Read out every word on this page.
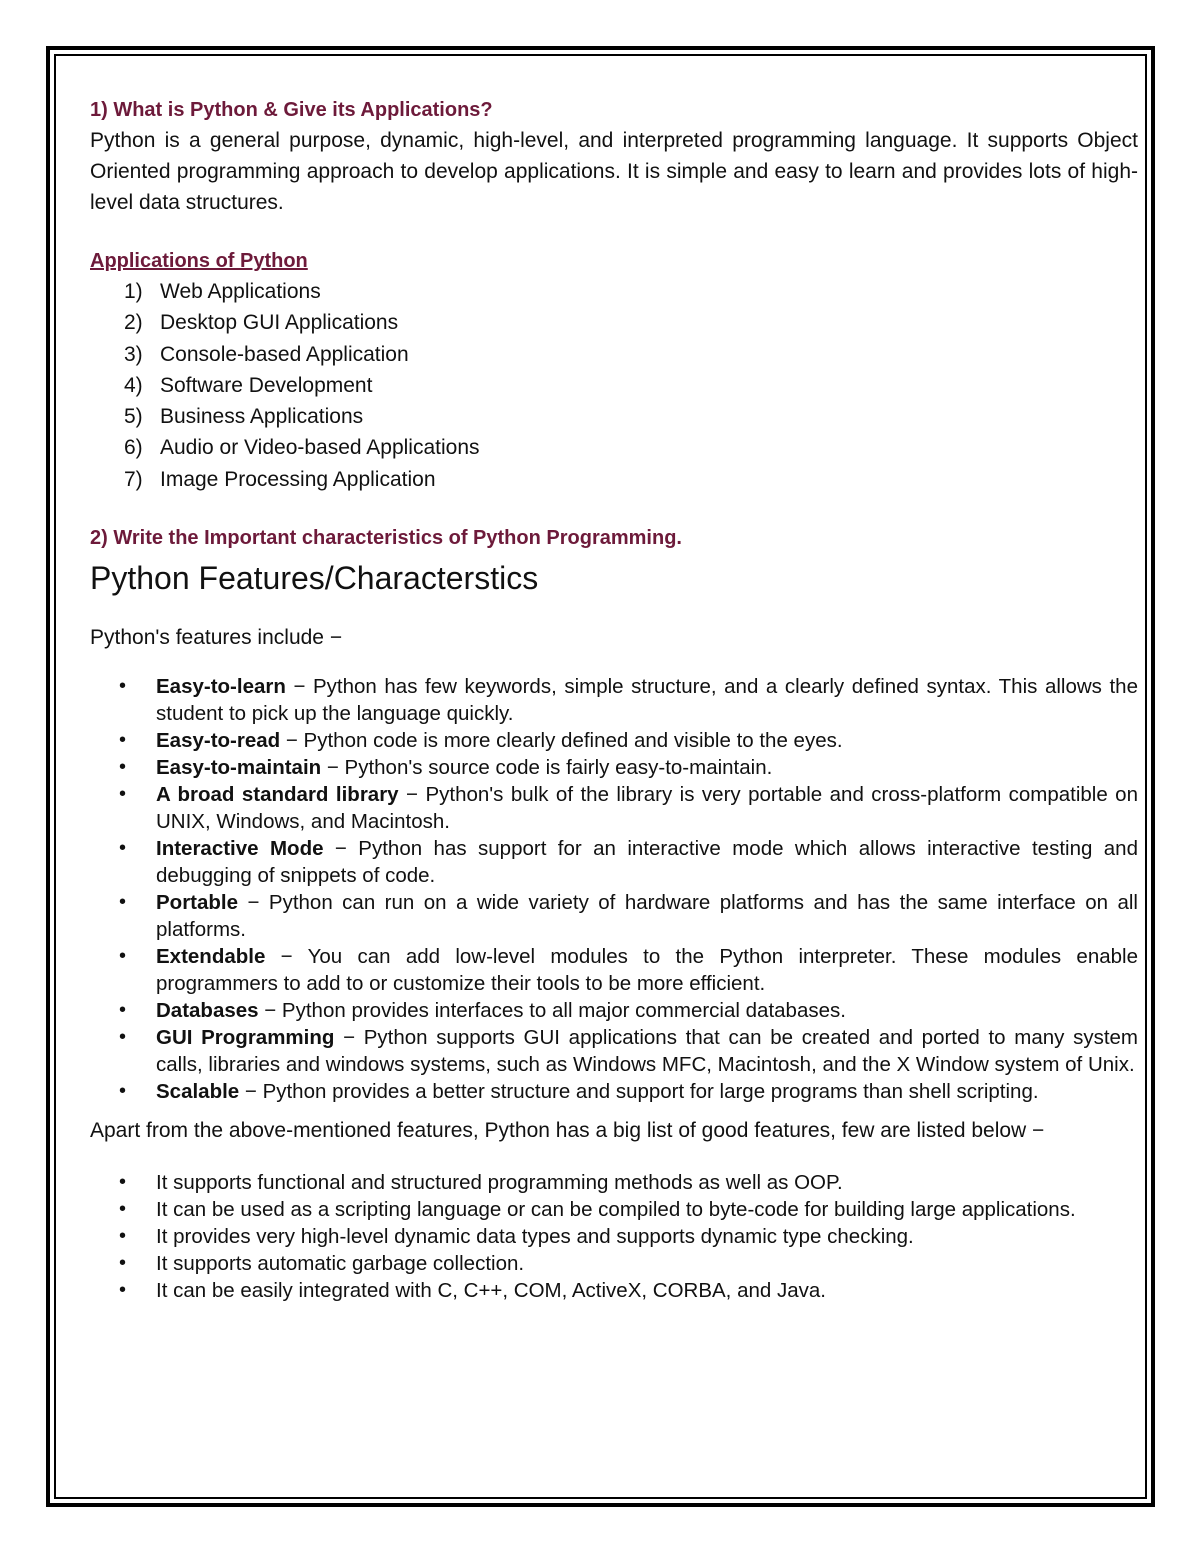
1) What is Python & Give its Applications?

Python is a general purpose, dynamic, high-level, and interpreted programming language. It supports Object Oriented programming approach to develop applications. It is simple and easy to learn and provides lots of high-level data structures.

Applications of Python

1) Web Applications
2) Desktop GUI Applications
3) Console-based Application
4) Software Development
5) Business Applications
6) Audio or Video-based Applications
7) Image Processing Application

2) Write the Important characteristics of Python Programming.

Python Features/Characterstics

Python's features include −

• Easy-to-learn − Python has few keywords, simple structure, and a clearly defined syntax. This allows the student to pick up the language quickly.
• Easy-to-read − Python code is more clearly defined and visible to the eyes.
• Easy-to-maintain − Python's source code is fairly easy-to-maintain.
• A broad standard library − Python's bulk of the library is very portable and cross-platform compatible on UNIX, Windows, and Macintosh.
• Interactive Mode − Python has support for an interactive mode which allows interactive testing and debugging of snippets of code.
• Portable − Python can run on a wide variety of hardware platforms and has the same interface on all platforms.
• Extendable − You can add low-level modules to the Python interpreter. These modules enable programmers to add to or customize their tools to be more efficient.
• Databases − Python provides interfaces to all major commercial databases.
• GUI Programming − Python supports GUI applications that can be created and ported to many system calls, libraries and windows systems, such as Windows MFC, Macintosh, and the X Window system of Unix.
• Scalable − Python provides a better structure and support for large programs than shell scripting.

Apart from the above-mentioned features, Python has a big list of good features, few are listed below −

• It supports functional and structured programming methods as well as OOP.
• It can be used as a scripting language or can be compiled to byte-code for building large applications.
• It provides very high-level dynamic data types and supports dynamic type checking.
• It supports automatic garbage collection.
• It can be easily integrated with C, C++, COM, ActiveX, CORBA, and Java.
